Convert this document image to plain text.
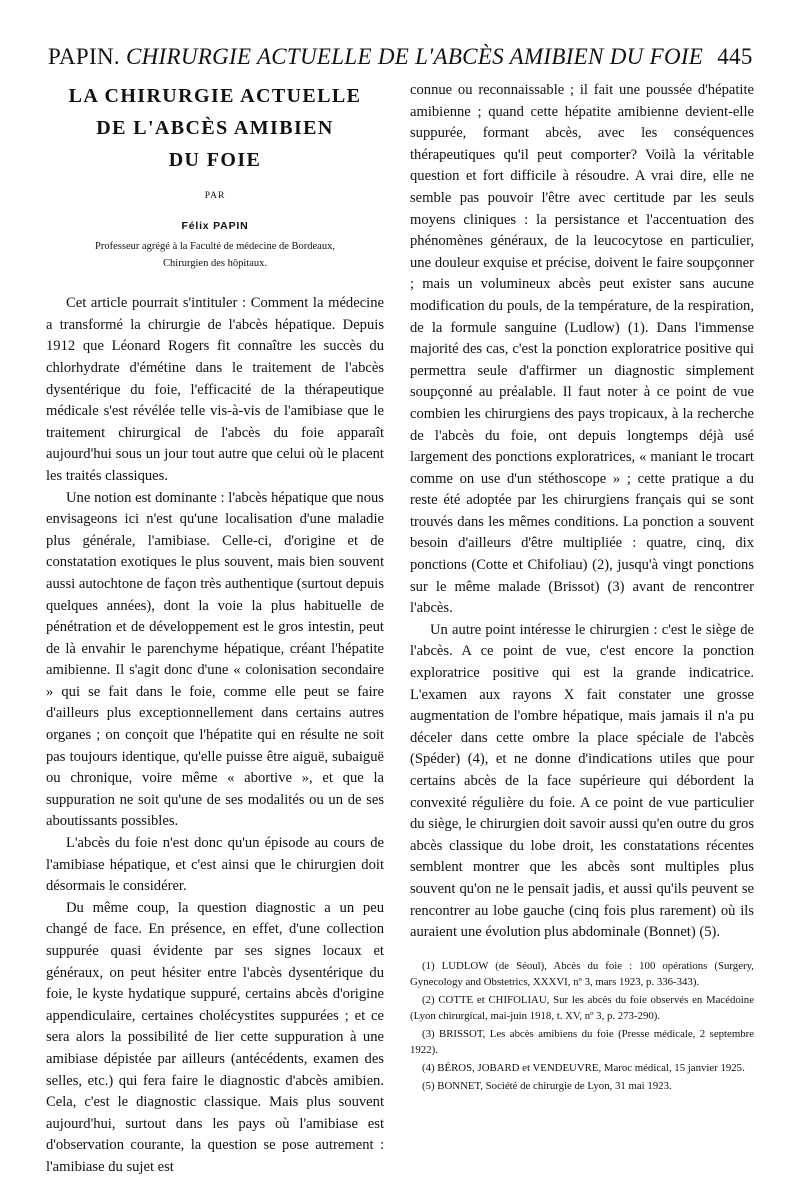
PAPIN. CHIRURGIE ACTUELLE DE L'ABCÈS AMIBIEN DU FOIE 445
LA CHIRURGIE ACTUELLE
DE L'ABCÈS AMIBIEN
DU FOIE
PAR
Félix PAPIN
Professeur agrégé à la Faculté de médecine de Bordeaux,
Chirurgien des hôpitaux.

Cet article pourrait s'intituler : Comment la médecine a transformé la chirurgie de l'abcès hépatique. Depuis 1912 que Léonard Rogers fit connaître les succès du chlorhydrate d'émétine dans le traitement de l'abcès dysentérique du foie, l'efficacité de la thérapeutique médicale s'est révélée telle vis-à-vis de l'amibiase que le traitement chirurgical de l'abcès du foie apparaît aujourd'hui sous un jour tout autre que celui où le placent les traités classiques.

Une notion est dominante : l'abcès hépatique que nous envisageons ici n'est qu'une localisation d'une maladie plus générale, l'amibiase. Celle-ci, d'origine et de constatation exotiques le plus souvent, mais bien souvent aussi autochtone de façon très authentique (surtout depuis quelques années), dont la voie la plus habituelle de pénétration et de développement est le gros intestin, peut de là envahir le parenchyme hépatique, créant l'hépatite amibienne. Il s'agit donc d'une « colonisation secondaire » qui se fait dans le foie, comme elle peut se faire d'ailleurs plus exceptionnellement dans certains autres organes ; on conçoit que l'hépatite qui en résulte ne soit pas toujours identique, qu'elle puisse être aiguë, subaiguë ou chronique, voire même « abortive », et que la suppuration ne soit qu'une de ses modalités ou un de ses aboutissants possibles.

L'abcès du foie n'est donc qu'un épisode au cours de l'amibiase hépatique, et c'est ainsi que le chirurgien doit désormais le considérer.

Du même coup, la question diagnostic a un peu changé de face. En présence, en effet, d'une collection suppurée quasi évidente par ses signes locaux et généraux, on peut hésiter entre l'abcès dysentérique du foie, le kyste hydatique suppuré, certains abcès d'origine appendiculaire, certaines cholécystites suppurées ; et ce sera alors la possibilité de lier cette suppuration à une amibiase dépistée par ailleurs (antécédents, examen des selles, etc.) qui fera faire le diagnostic d'abcès amibien. Cela, c'est le diagnostic classique. Mais plus souvent aujourd'hui, surtout dans les pays où l'amibiase est d'observation courante, la question se pose autrement : l'amibiase du sujet est

connue ou reconnaissable ; il fait une poussée d'hépatite amibienne ; quand cette hépatite amibienne devient-elle suppurée, formant abcès, avec les conséquences thérapeutiques qu'il peut comporter? Voilà la véritable question et fort difficile à résoudre. A vrai dire, elle ne semble pas pouvoir l'être avec certitude par les seuls moyens cliniques : la persistance et l'accentuation des phénomènes généraux, de la leucocytose en particulier, une douleur exquise et précise, doivent le faire soupçonner ; mais un volumineux abcès peut exister sans aucune modification du pouls, de la température, de la respiration, de la formule sanguine (Ludlow) (1). Dans l'immense majorité des cas, c'est la ponction exploratrice positive qui permettra seule d'affirmer un diagnostic simplement soupçonné au préalable. Il faut noter à ce point de vue combien les chirurgiens des pays tropicaux, à la recherche de l'abcès du foie, ont depuis longtemps déjà usé largement des ponctions exploratrices, « maniant le trocart comme on use d'un stéthoscope » ; cette pratique a du reste été adoptée par les chirurgiens français qui se sont trouvés dans les mêmes conditions. La ponction a souvent besoin d'ailleurs d'être multipliée : quatre, cinq, dix ponctions (Cotte et Chifoliau) (2), jusqu'à vingt ponctions sur le même malade (Brissot) (3) avant de rencontrer l'abcès.

Un autre point intéresse le chirurgien : c'est le siège de l'abcès. A ce point de vue, c'est encore la ponction exploratrice positive qui est la grande indicatrice. L'examen aux rayons X fait constater une grosse augmentation de l'ombre hépatique, mais jamais il n'a pu déceler dans cette ombre la place spéciale de l'abcès (Spéder) (4), et ne donne d'indications utiles que pour certains abcès de la face supérieure qui débordent la convexité régulière du foie. A ce point de vue particulier du siège, le chirurgien doit savoir aussi qu'en outre du gros abcès classique du lobe droit, les constatations récentes semblent montrer que les abcès sont multiples plus souvent qu'on ne le pensait jadis, et aussi qu'ils peuvent se rencontrer au lobe gauche (cinq fois plus rarement) où ils auraient une évolution plus abdominale (Bonnet) (5).

(1) LUDLOW (de Séoul), Abcès du foie : 100 opérations (Surgery, Gynecology and Obstetrics, XXXVI, nº 3, mars 1923, p. 336-343).

(2) COTTE et CHIFOLIAU, Sur les abcès du foie observés en Macédoine (Lyon chirurgical, mai-juin 1918, t. XV, nº 3, p. 273-290).

(3) BRISSOT, Les abcès amibiens du foie (Presse médicale, 2 septembre 1922).

(4) BÉROS, JOBARD et VENDEUVRE, Maroc médical, 15 janvier 1925.

(5) BONNET, Société de chirurgie de Lyon, 31 mai 1923.
